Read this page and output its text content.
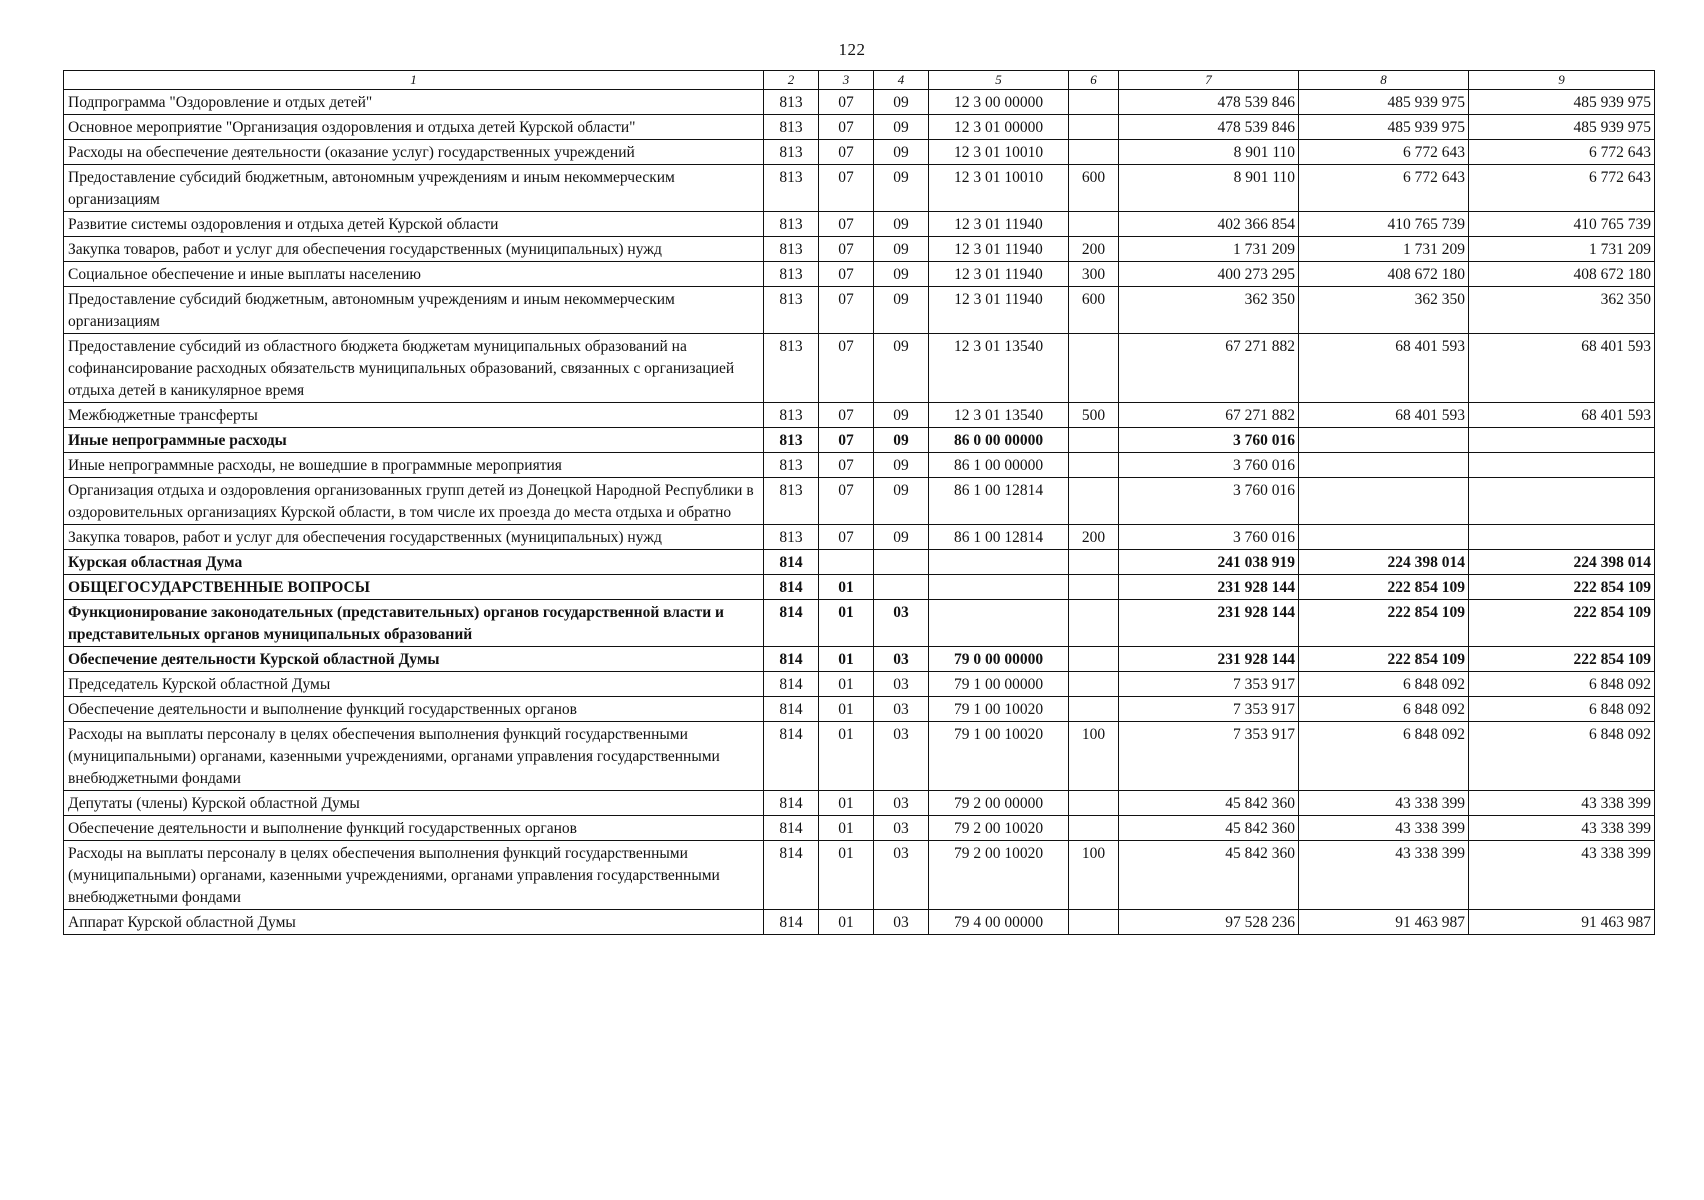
122
1	2	3	4	5	6	7	8	9
Подпрограмма "Оздоровление и отдых детей"	813	07	09	12 3 00 00000		478 539 846	485 939 975	485 939 975
Основное мероприятие "Организация оздоровления и отдыха детей Курской области"	813	07	09	12 3 01 00000		478 539 846	485 939 975	485 939 975
Расходы на обеспечение деятельности (оказание услуг) государственных учреждений	813	07	09	12 3 01 10010		8 901 110	6 772 643	6 772 643
Предоставление субсидий бюджетным, автономным учреждениям и иным некоммерческим организациям	813	07	09	12 3 01 10010	600	8 901 110	6 772 643	6 772 643
Развитие системы оздоровления и отдыха детей Курской области	813	07	09	12 3 01 11940		402 366 854	410 765 739	410 765 739
Закупка товаров, работ и услуг для обеспечения государственных (муниципальных) нужд	813	07	09	12 3 01 11940	200	1 731 209	1 731 209	1 731 209
Социальное обеспечение и иные выплаты населению	813	07	09	12 3 01 11940	300	400 273 295	408 672 180	408 672 180
Предоставление субсидий бюджетным, автономным учреждениям и иным некоммерческим организациям	813	07	09	12 3 01 11940	600	362 350	362 350	362 350
Предоставление субсидий из областного бюджета бюджетам муниципальных образований на софинансирование расходных обязательств муниципальных образований, связанных с организацией отдыха детей в каникулярное время	813	07	09	12 3 01 13540		67 271 882	68 401 593	68 401 593
Межбюджетные трансферты	813	07	09	12 3 01 13540	500	67 271 882	68 401 593	68 401 593
Иные непрограммные расходы	813	07	09	86 0 00 00000		3 760 016		
Иные непрограммные расходы, не вошедшие в программные мероприятия	813	07	09	86 1 00 00000		3 760 016		
Организация отдыха и оздоровления организованных групп детей из Донецкой Народной Республики в оздоровительных организациях Курской области, в том числе их проезда до места отдыха и обратно	813	07	09	86 1 00 12814		3 760 016		
Закупка товаров, работ и услуг для обеспечения государственных (муниципальных) нужд	813	07	09	86 1 00 12814	200	3 760 016		
Курская областная Дума	814					241 038 919	224 398 014	224 398 014
ОБЩЕГОСУДАРСТВЕННЫЕ ВОПРОСЫ	814	01				231 928 144	222 854 109	222 854 109
Функционирование законодательных (представительных) органов государственной власти и представительных органов муниципальных образований	814	01	03			231 928 144	222 854 109	222 854 109
Обеспечение деятельности Курской областной Думы	814	01	03	79 0 00 00000		231 928 144	222 854 109	222 854 109
Председатель Курской областной Думы	814	01	03	79 1 00 00000		7 353 917	6 848 092	6 848 092
Обеспечение деятельности и выполнение функций государственных органов	814	01	03	79 1 00 10020		7 353 917	6 848 092	6 848 092
Расходы на выплаты персоналу в целях обеспечения выполнения функций государственными (муниципальными) органами, казенными учреждениями, органами управления государственными внебюджетными фондами	814	01	03	79 1 00 10020	100	7 353 917	6 848 092	6 848 092
Депутаты (члены) Курской областной Думы	814	01	03	79 2 00 00000		45 842 360	43 338 399	43 338 399
Обеспечение деятельности и выполнение функций государственных органов	814	01	03	79 2 00 10020		45 842 360	43 338 399	43 338 399
Расходы на выплаты персоналу в целях обеспечения выполнения функций государственными (муниципальными) органами, казенными учреждениями, органами управления государственными внебюджетными фондами	814	01	03	79 2 00 10020	100	45 842 360	43 338 399	43 338 399
Аппарат Курской областной Думы	814	01	03	79 4 00 00000		97 528 236	91 463 987	91 463 987
